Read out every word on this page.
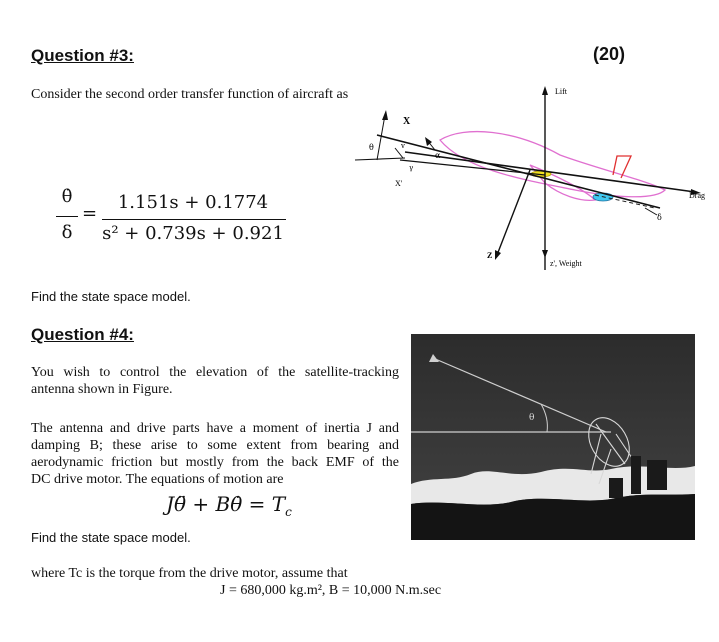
Question #3:	(20)
Consider the second order transfer function of aircraft as
θ̇
δ
=
1.151s + 0.1774
s² + 0.739s + 0.921
Find the state space model.
Lift
Drag
z', Weight
X
X'
Z
θ	v
γ
α
δ
Question #4:
You wish to control the elevation of the satellite-tracking
antenna shown in Figure.
The antenna and drive parts have a moment of inertia J and
damping B; these arise to some extent from bearing and
aerodynamic friction but mostly from the back EMF of the
DC drive motor. The equations of motion are
Jθ̈ + Bθ̇ = $T_c$
Find the state space model.
where Tc is the torque from the drive motor, assume that
J = 680,000 kg.m², B = 10,000 N.m.sec
θ
